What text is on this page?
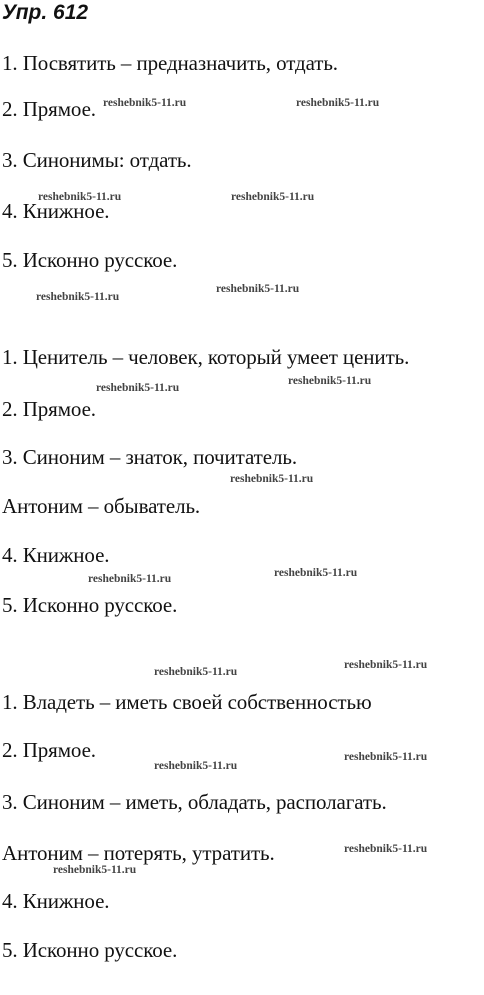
Упр. 612
1. Посвятить – предназначить, отдать.
2. Прямое.
3. Синонимы: отдать.
4. Книжное.
5. Исконно русское.
1. Ценитель – человек, который умеет ценить.
2. Прямое.
3. Синоним – знаток, почитатель.
Антоним – обыватель.
4. Книжное.
5. Исконно русское.
1. Владеть – иметь своей собственностью
2. Прямое.
3. Синоним – иметь, обладать, располагать.
Антоним – потерять, утратить.
4. Книжное.
5. Исконно русское.
reshebnik5-11.ru	reshebnik5-11.ru
reshebnik5-11.ru	reshebnik5-11.ru
reshebnik5-11.ru
reshebnik5-11.ru
reshebnik5-11.ru
reshebnik5-11.ru
reshebnik5-11.ru
reshebnik5-11.ru	reshebnik5-11.ru
reshebnik5-11.ru
reshebnik5-11.ru
reshebnik5-11.ru
reshebnik5-11.ru
reshebnik5-11.ru
reshebnik5-11.ru
